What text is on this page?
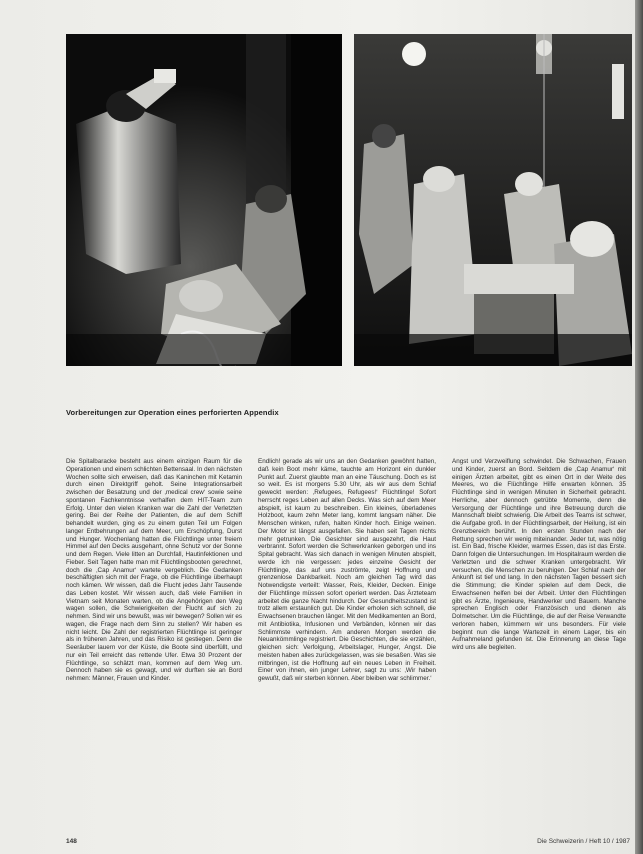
Vorbereitungen zur Operation eines perforierten Appendix

Die Spitalbaracke besteht aus einem einzigen Raum für die Operationen und einem schlichten Bettensaal. In den nächsten Wochen sollte sich erweisen, daß das Kaninchen mit Ketamin durch einen Direktgriff geholt. Seine Integrationsarbeit zwischen der Besatzung und der ‚medical crew‘ sowie seine spontanen Fachkenntnisse verhalfen dem HIT-Team zum Erfolg. Unter den vielen Kranken war die Zahl der Verletzten gering. Bei der Reihe der Patienten, die auf dem Schiff behandelt wurden, ging es zu einem guten Teil um Folgen langer Entbehrungen auf dem Meer, um Erschöpfung, Durst und Hunger. Wochenlang hatten die Flüchtlinge unter freiem Himmel auf den Decks ausgeharrt, ohne Schutz vor der Sonne und dem Regen. Viele litten an Durchfall, Hautinfektionen und Fieber. Seit Tagen hatte man mit Flüchtlingsbooten gerechnet, doch die ‚Cap Anamur‘ wartete vergeblich. Die Gedanken beschäftigten sich mit der Frage, ob die Flüchtlinge überhaupt noch kämen. Wir wissen, daß die Flucht jedes Jahr Tausende das Leben kostet. Wir wissen auch, daß viele Familien in Vietnam seit Monaten warten, ob die Angehörigen den Weg wagen sollen, die Schwierigkeiten der Flucht auf sich zu nehmen. Sind wir uns bewußt, was wir bewegen? Sollen wir es wagen, die Frage nach dem Sinn zu stellen? Wir haben es nicht leicht. Die Zahl der registrierten Flüchtlinge ist geringer als in früheren Jahren, und das Risiko ist gestiegen. Denn die Seeräuber lauern vor der Küste, die Boote sind überfüllt, und nur ein Teil erreicht das rettende Ufer. Etwa 30 Prozent der Flüchtlinge, so schätzt man, kommen auf dem Weg um. Dennoch haben sie es gewagt, und wir durften sie an Bord nehmen: Männer, Frauen und Kinder.

Endlich! gerade als wir uns an den Gedanken gewöhnt hatten, daß kein Boot mehr käme, tauchte am Horizont ein dunkler Punkt auf. Zuerst glaubte man an eine Täuschung. Doch es ist so weit. Es ist morgens 5.30 Uhr, als wir aus dem Schlaf geweckt werden: ‚Refugees, Refugees!‘ Flüchtlinge! Sofort herrscht reges Leben auf allen Decks. Was sich auf dem Meer abspielt, ist kaum zu beschreiben. Ein kleines, überladenes Holzboot, kaum zehn Meter lang, kommt langsam näher. Die Menschen winken, rufen, halten Kinder hoch. Einige weinen. Der Motor ist längst ausgefallen. Sie haben seit Tagen nichts mehr getrunken. Die Gesichter sind ausgezehrt, die Haut verbrannt. Sofort werden die Schwerkranken geborgen und ins Spital gebracht. Was sich danach in wenigen Minuten abspielt, werde ich nie vergessen: jedes einzelne Gesicht der Flüchtlinge, das auf uns zuströmte, zeigt Hoffnung und grenzenlose Dankbarkeit. Noch am gleichen Tag wird das Notwendigste verteilt: Wasser, Reis, Kleider, Decken. Einige der Flüchtlinge müssen sofort operiert werden. Das Ärzteteam arbeitet die ganze Nacht hindurch. Der Gesundheitszustand ist trotz allem erstaunlich gut. Die Kinder erholen sich schnell, die Erwachsenen brauchen länger. Mit den Medikamenten an Bord, mit Antibiotika, Infusionen und Verbänden, können wir das Schlimmste verhindern. Am anderen Morgen werden die Neuankömmlinge registriert. Die Geschichten, die sie erzählen, gleichen sich: Verfolgung, Arbeitslager, Hunger, Angst. Die meisten haben alles zurückgelassen, was sie besaßen. Was sie mitbringen, ist die Hoffnung auf ein neues Leben in Freiheit. Einer von ihnen, ein junger Lehrer, sagt zu uns: ‚Wir haben gewußt, daß wir sterben können. Aber bleiben war schlimmer.‘

Angst und Verzweiflung schwindet. Die Schwachen, Frauen und Kinder, zuerst an Bord. Seitdem die ‚Cap Anamur‘ mit einigen Ärzten arbeitet, gibt es einen Ort in der Weite des Meeres, wo die Flüchtlinge Hilfe erwarten können. 35 Flüchtlinge sind in wenigen Minuten in Sicherheit gebracht. Herrliche, aber dennoch getrübte Momente, denn die Versorgung der Flüchtlinge und ihre Betreuung durch die Mannschaft bleibt schwierig. Die Arbeit des Teams ist schwer, die Aufgabe groß. In der Flüchtlingsarbeit, der Heilung, ist ein Grenzbereich berührt. In den ersten Stunden nach der Rettung sprechen wir wenig miteinander. Jeder tut, was nötig ist. Ein Bad, frische Kleider, warmes Essen, das ist das Erste. Dann folgen die Untersuchungen. Im Hospitalraum werden die Verletzten und die schwer Kranken untergebracht. Wir versuchen, die Menschen zu beruhigen. Der Schlaf nach der Ankunft ist tief und lang. In den nächsten Tagen bessert sich die Stimmung; die Kinder spielen auf dem Deck, die Erwachsenen helfen bei der Arbeit. Unter den Flüchtlingen gibt es Ärzte, Ingenieure, Handwerker und Bauern. Manche sprechen Englisch oder Französisch und dienen als Dolmetscher. Um die Flüchtlinge, die auf der Reise Verwandte verloren haben, kümmern wir uns besonders. Für viele beginnt nun die lange Wartezeit in einem Lager, bis ein Aufnahmeland gefunden ist. Die Erinnerung an diese Tage wird uns alle begleiten.

148	Die Schweizerin / Heft 10 / 1987
